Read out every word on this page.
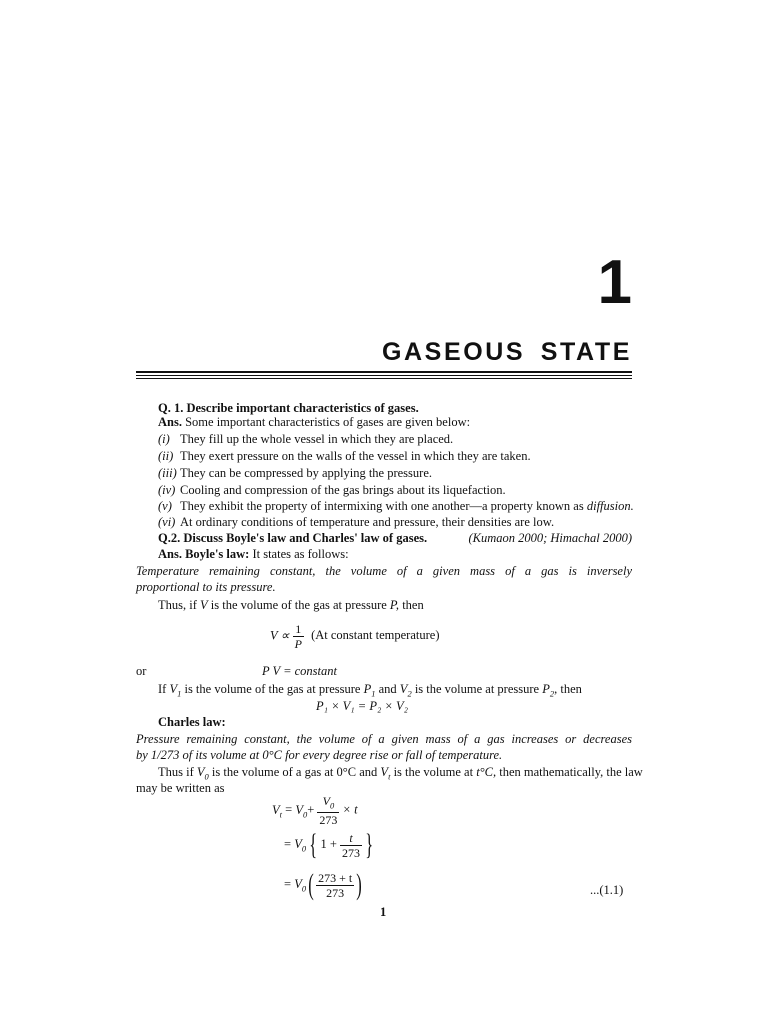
1
GASEOUS STATE
Q. 1. Describe important characteristics of gases.
Ans. Some important characteristics of gases are given below:
(i) They fill up the whole vessel in which they are placed.
(ii) They exert pressure on the walls of the vessel in which they are taken.
(iii) They can be compressed by applying the pressure.
(iv) Cooling and compression of the gas brings about its liquefaction.
(v) They exhibit the property of intermixing with one another—a property known as diffusion.
(vi) At ordinary conditions of temperature and pressure, their densities are low.
Q.2. Discuss Boyle's law and Charles' law of gases.	(Kumaon 2000; Himachal 2000)
Ans. Boyle's law: It states as follows:
Temperature remaining constant, the volume of a given mass of a gas is inversely
proportional to its pressure.
Thus, if V is the volume of the gas at pressure P, then
$V \propto \frac{1}{P} (At$ constant temperature)
or	P V = constant
If $V_1$ is the volume of the gas at pressure $P_1$ and $V_2$ is the volume at pressure $P_2$, then
P₁ × V₁ = P₂ × V₂
Charles law:
Pressure remaining constant, the volume of a given mass of a gas increases or decreases
by 1/273 of its volume at 0°C for every degree rise or fall of temperature.
Thus if $V_0$ is the volume of a gas at 0°C and $V_t$ is the volume at t°C, then mathematically, the law
may be written as
$V_t = V_0+ \frac{V_0}{273} \times t$
= $V_0$ { $1 + \frac{t}{273}$ }
= $V_0( \frac{273 + t}{273}$ )	...(1.1)
1
